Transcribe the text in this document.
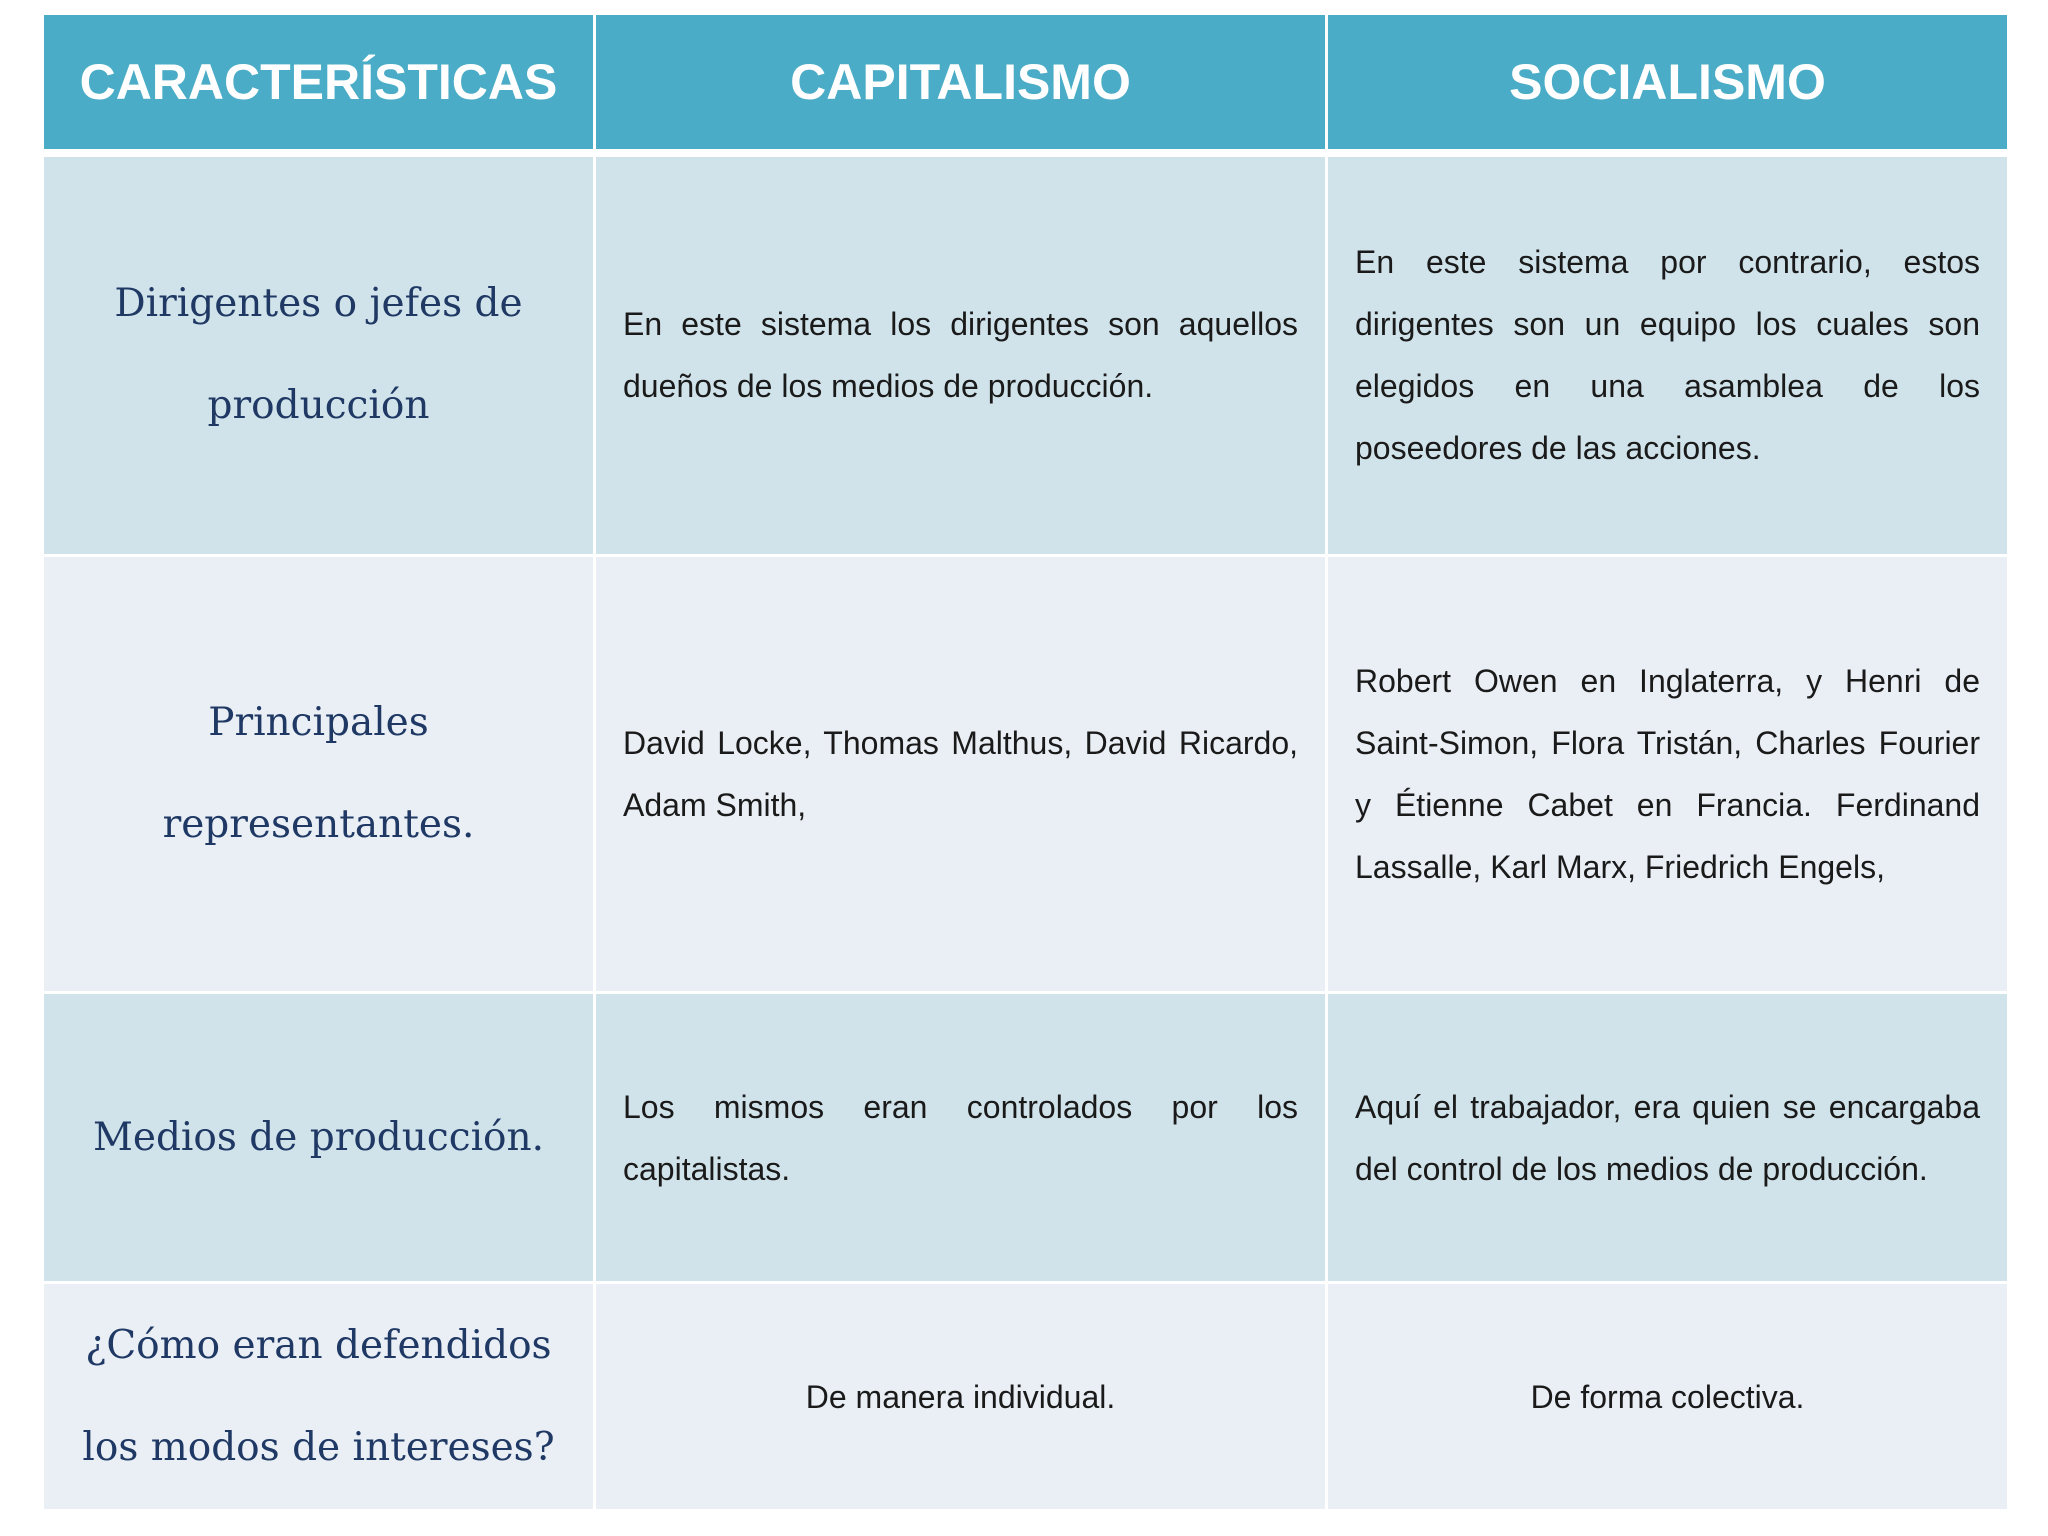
CARACTERÍSTICAS	CAPITALISMO	SOCIALISMO
Dirigentes o jefes de producción	En este sistema los dirigentes son aquellos dueños de los medios de producción.	En este sistema por contrario, estos dirigentes son un equipo los cuales son elegidos en una asamblea de los poseedores de las acciones.
Principales representantes.	David Locke, Thomas Malthus, David Ricardo, Adam Smith,	Robert Owen en Inglaterra, y Henri de Saint-Simon, Flora Tristán, Charles Fourier y Étienne Cabet en Francia. Ferdinand Lassalle, Karl Marx, Friedrich Engels,
Medios de producción.	Los mismos eran controlados por los capitalistas.	Aquí el trabajador, era quien se encargaba del control de los medios de producción.
¿Cómo eran defendidos los modos de intereses?	De manera individual.	De forma colectiva.
